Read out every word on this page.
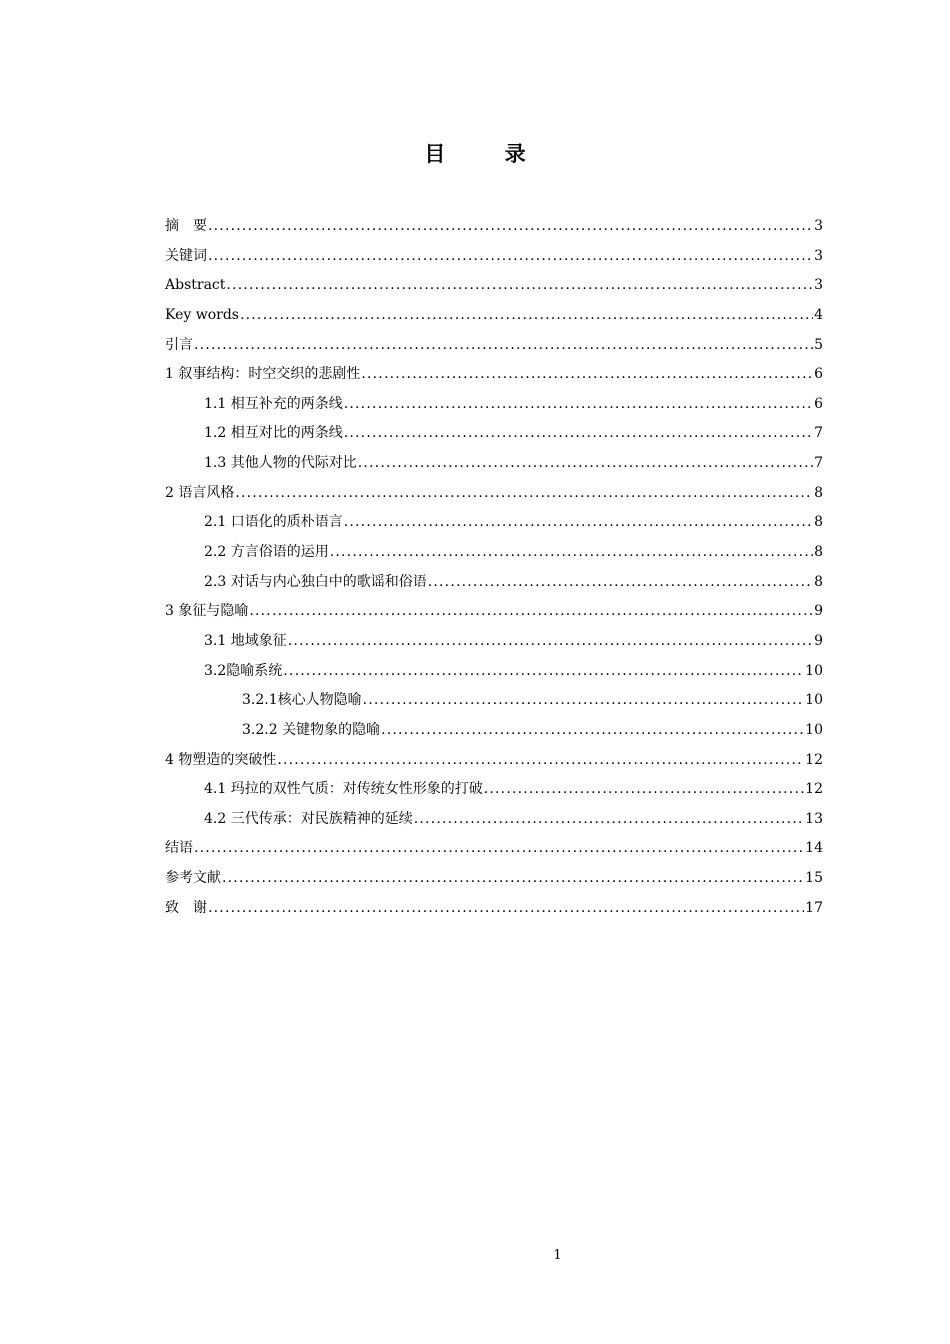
目 录
摘　要 .....	3
关键词 .....	3
Abstract .....	3
Key words .....	4
引言 .....	5
1 叙事结构：时空交织的悲剧性 .....	6
1.1 相互补充的两条线 .....	6
1.2 相互对比的两条线 .....	7
1.3 其他人物的代际对比 .....	7
2 语言风格 .....	8
2.1 口语化的质朴语言 .....	8
2.2 方言俗语的运用 .....	8
2.3 对话与内心独白中的歌谣和俗语 .....	8
3 象征与隐喻 .....	9
3.1 地域象征 .....	9
3.2隐喻系统 .....	10
3.2.1核心人物隐喻 .....	10
3.2.2 关键物象的隐喻 .....	10
4 物塑造的突破性 .....	12
4.1 玛拉的双性气质：对传统女性形象的打破 .....	12
4.2 三代传承：对民族精神的延续 .....	13
结语 .....	14
参考文献 .....	15
致　谢 .....	17
1
